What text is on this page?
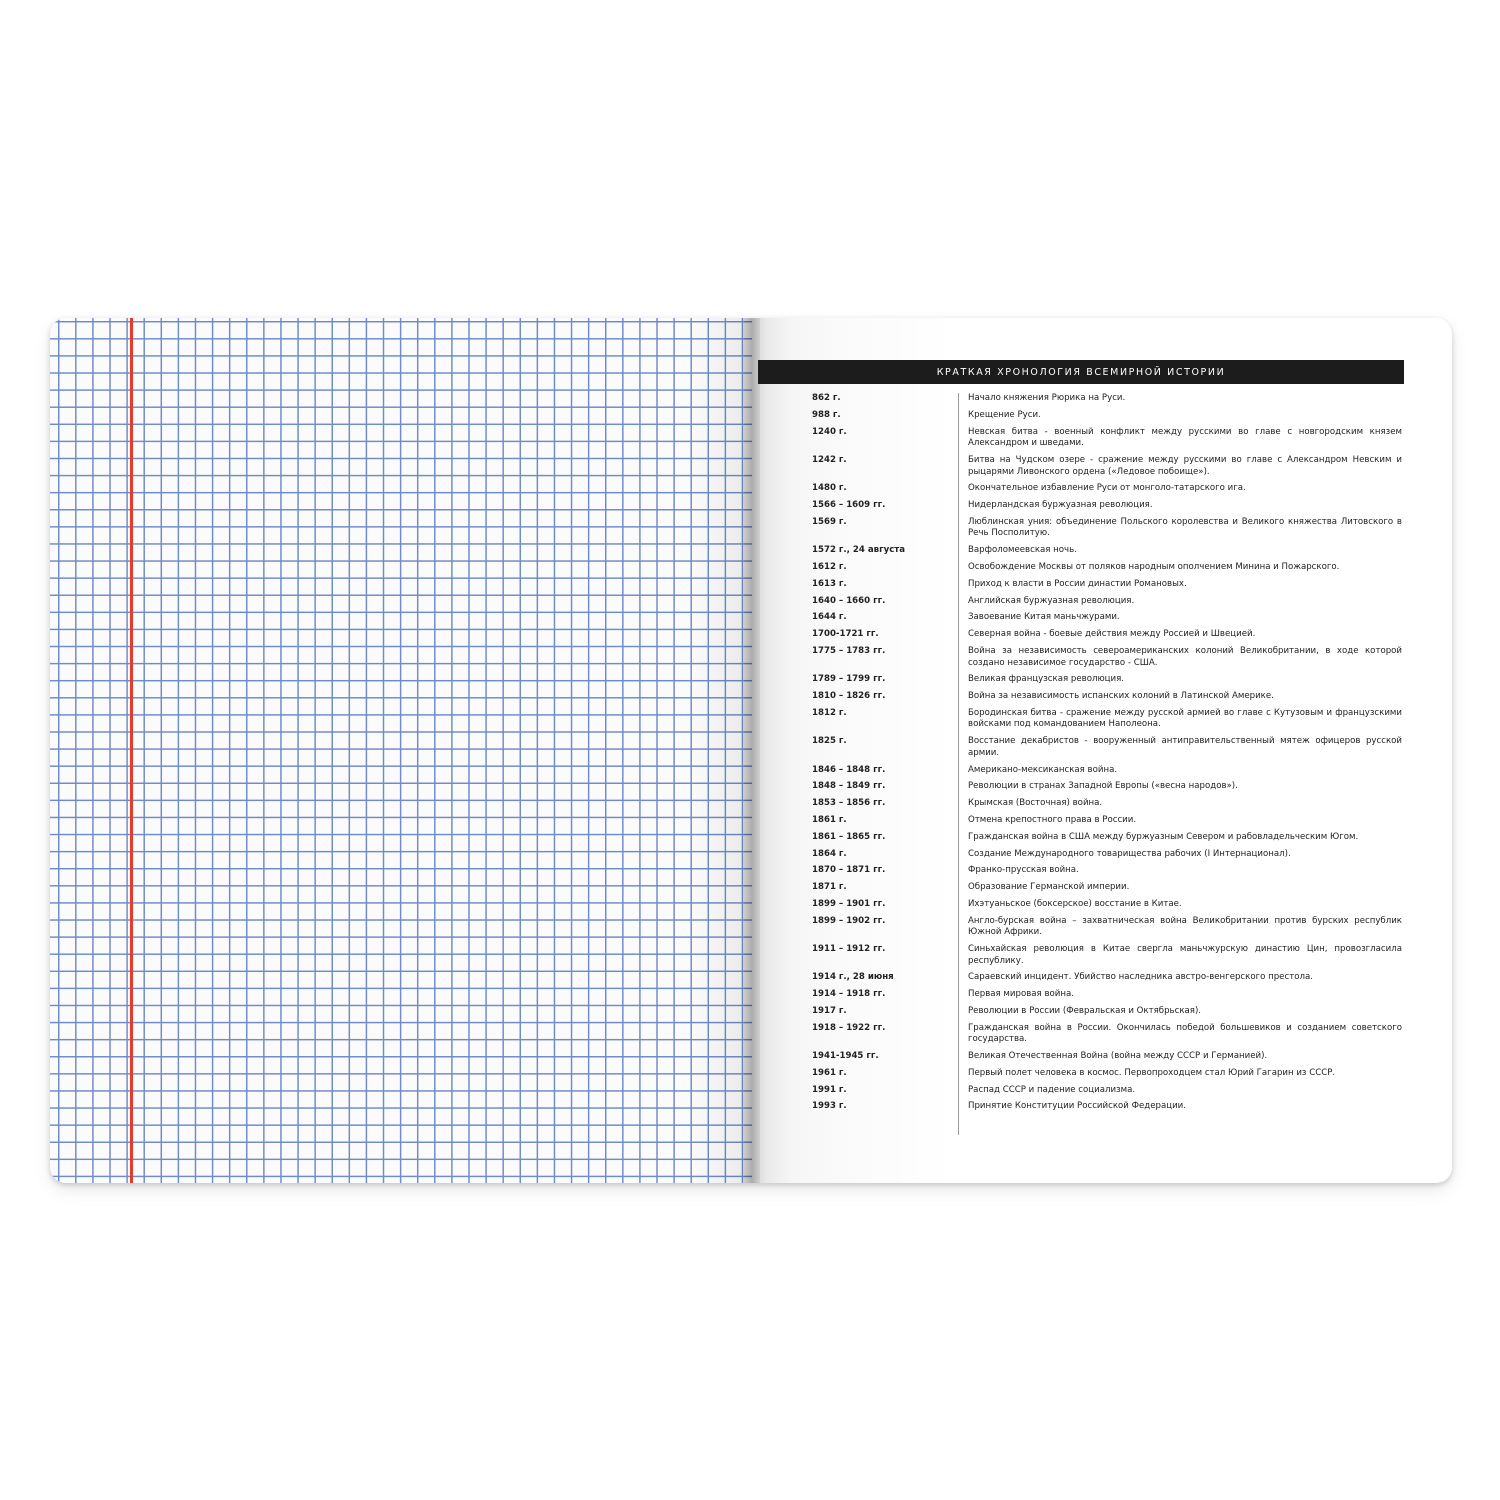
КРАТКАЯ ХРОНОЛОГИЯ ВСЕМИРНОЙ ИСТОРИИ
862 г.	Начало княжения Рюрика на Руси.
988 г.	Крещение Руси.
1240 г.	Невская битва - военный конфликт между русскими во главе с новгородским князем Александром и шведами.
1242 г.	Битва на Чудском озере - сражение между русскими во главе с Александром Невским и рыцарями Ливонского ордена («Ледовое побоище»).
1480 г.	Окончательное избавление Руси от монголо-татарского ига.
1566 – 1609 гг.	Нидерландская буржуазная революция.
1569 г.	Люблинская уния: объединение Польского королевства и Великого княжества Литовского в Речь Посполитую.
1572 г., 24 августа	Варфоломеевская ночь.
1612 г.	Освобождение Москвы от поляков народным ополчением Минина и Пожарского.
1613 г.	Приход к власти в России династии Романовых.
1640 – 1660 гг.	Английская буржуазная революция.
1644 г.	Завоевание Китая маньчжурами.
1700-1721 гг.	Северная война - боевые действия между Россией и Швецией.
1775 – 1783 гг.	Война за независимость североамериканских колоний Великобритании, в ходе которой создано независимое государство - США.
1789 – 1799 гг.	Великая французская революция.
1810 – 1826 гг.	Война за независимость испанских колоний в Латинской Америке.
1812 г.	Бородинская битва - сражение между русской армией во главе с Кутузовым и французскими войсками под командованием Наполеона.
1825 г.	Восстание декабристов - вооруженный антиправительственный мятеж офицеров русской армии.
1846 – 1848 гг.	Американо-мексиканская война.
1848 – 1849 гг.	Революции в странах Западной Европы («весна народов»).
1853 – 1856 гг.	Крымская (Восточная) война.
1861 г.	Отмена крепостного права в России.
1861 – 1865 гг.	Гражданская война в США между буржуазным Севером и рабовладельческим Югом.
1864 г.	Создание Международного товарищества рабочих (I Интернационал).
1870 – 1871 гг.	Франко-прусская война.
1871 г.	Образование Германской империи.
1899 – 1901 гг.	Ихэтуаньское (боксерское) восстание в Китае.
1899 – 1902 гг.	Англо-бурская война – захватническая война Великобритании против бурских республик Южной Африки.
1911 – 1912 гг.	Синьхайская революция в Китае свергла маньчжурскую династию Цин, провозгласила республику.
1914 г., 28 июня	Сараевский инцидент. Убийство наследника австро-венгерского престола.
1914 – 1918 гг.	Первая мировая война.
1917 г.	Революции в России (Февральская и Октябрьская).
1918 – 1922 гг.	Гражданская война в России. Окончилась победой большевиков и созданием советского государства.
1941-1945 гг.	Великая Отечественная Война (война между СССР и Германией).
1961 г.	Первый полет человека в космос. Первопроходцем стал Юрий Гагарин из СССР.
1991 г.	Распад СССР и падение социализма.
1993 г.	Принятие Конституции Российской Федерации.
